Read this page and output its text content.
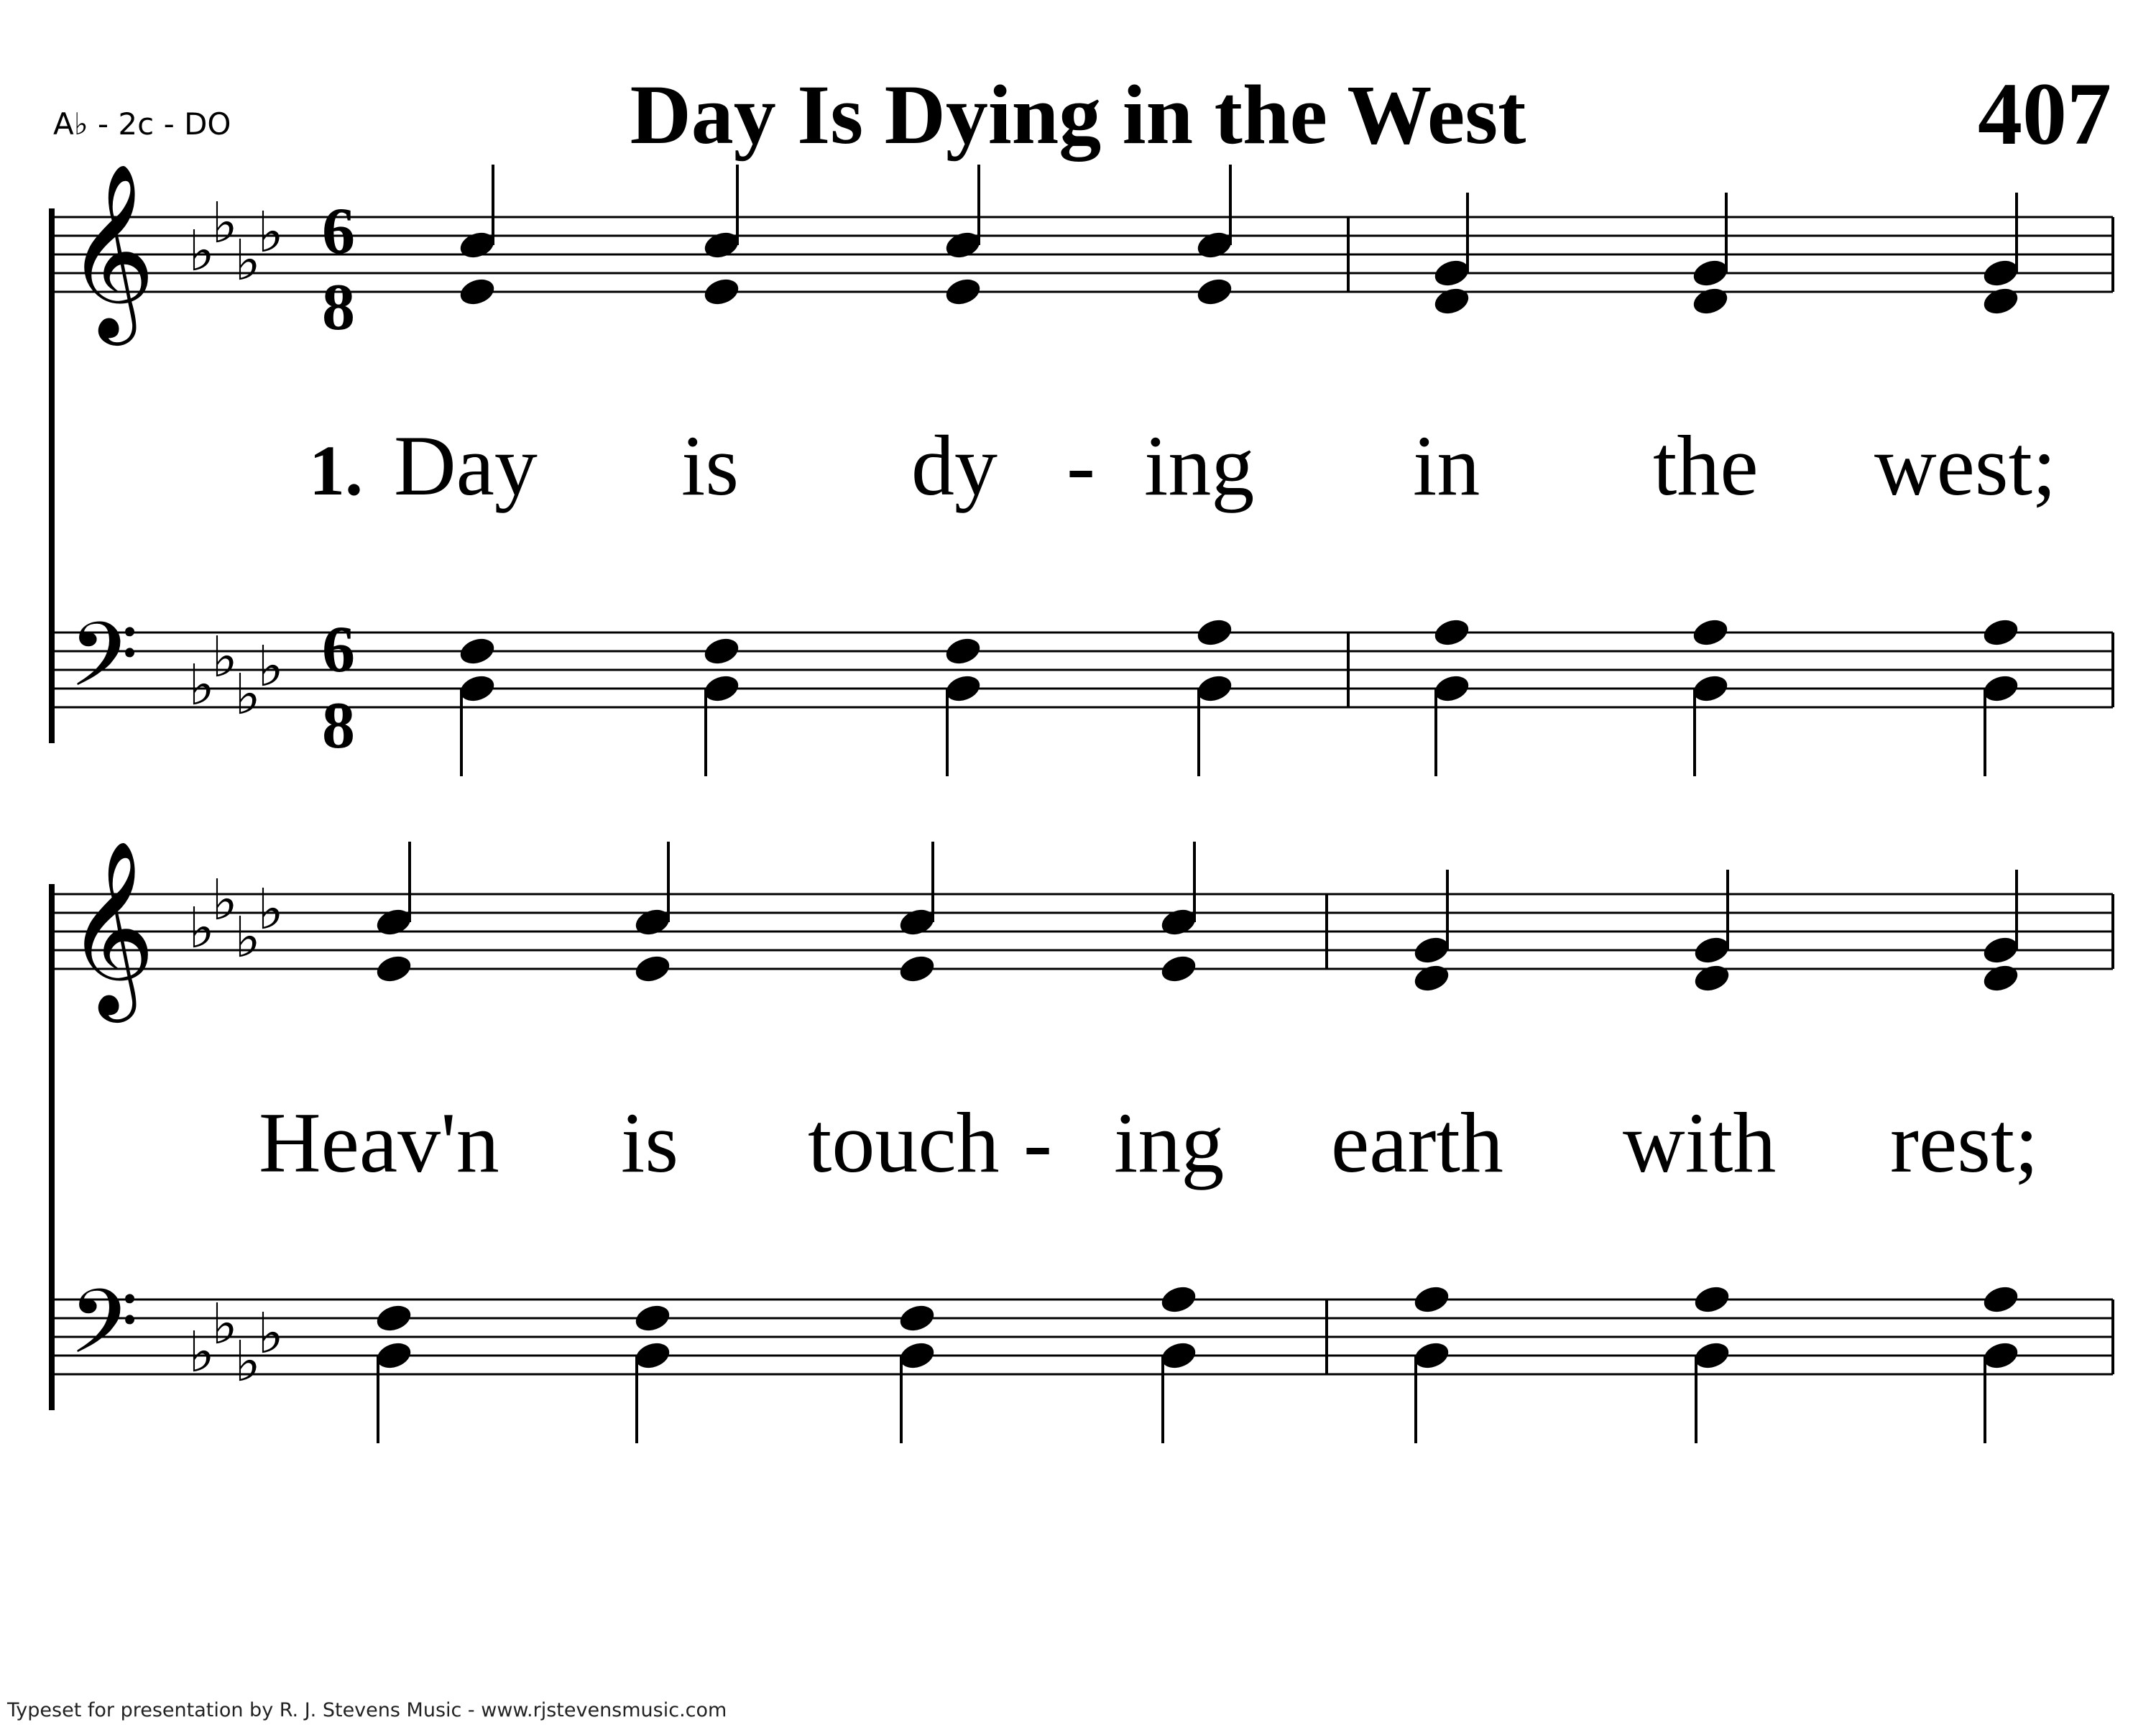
A♭ - 2c - DO	Day Is Dying in the West	407
𝄞
𝄢
♭
♭
♭
♭
♭
♭
♭
♭
𝄞
𝄢
♭
♭
♭
♭
♭
♭
♭
♭
1. Day is dy - ing in the west;
Heav'n is touch - ing earth with rest;
6
8
6
8
Typeset for presentation by R. J. Stevens Music - www.rjstevensmusic.com
